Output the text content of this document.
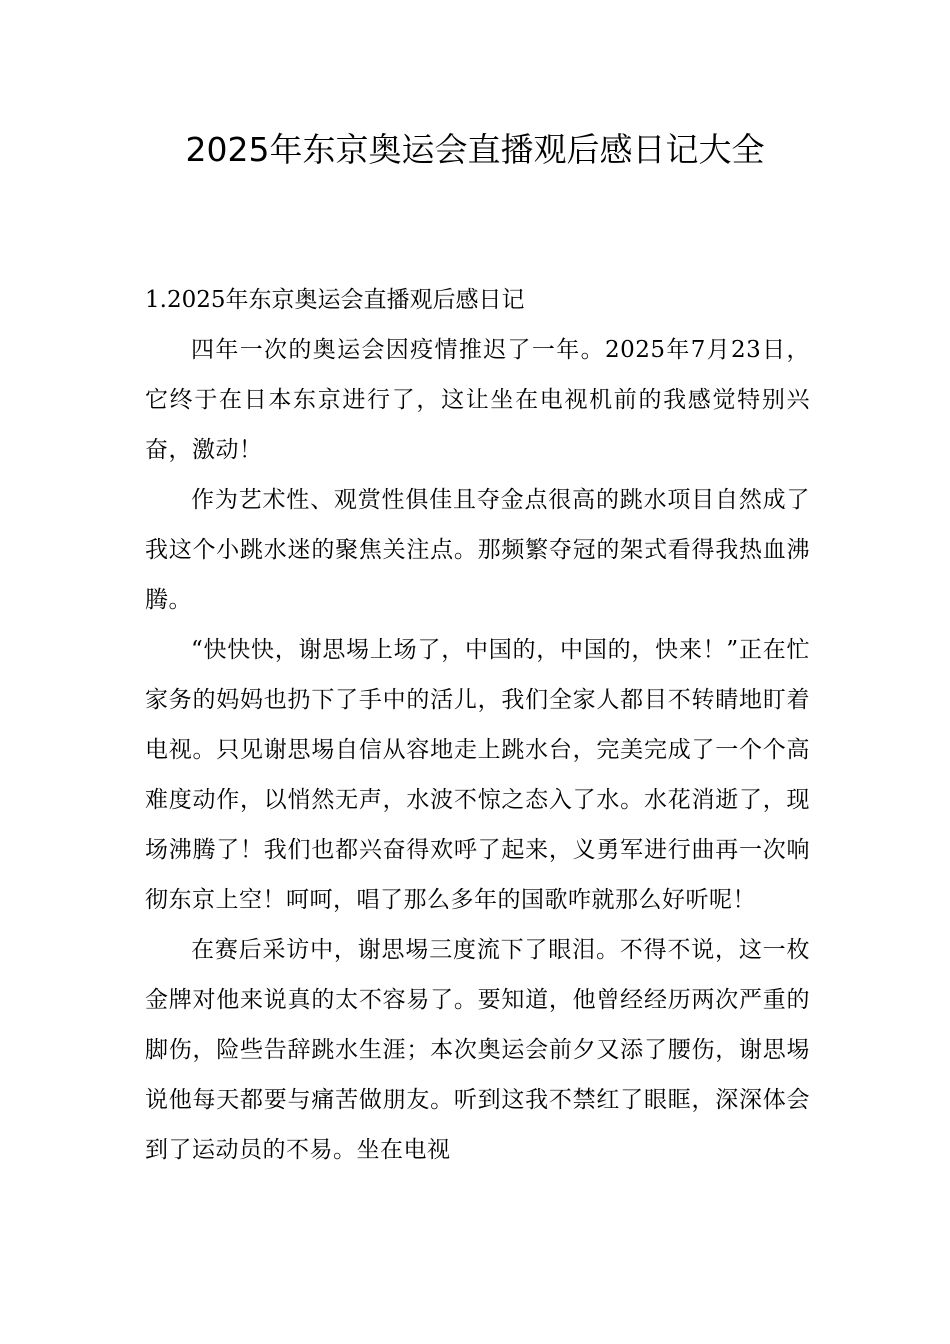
2025年东京奥运会直播观后感日记大全
1.2025年东京奥运会直播观后感日记

四年一次的奥运会因疫情推迟了一年。2025年7月23日，它终于在日本东京进行了，这让坐在电视机前的我感觉特别兴奋，激动！

作为艺术性、观赏性俱佳且夺金点很高的跳水项目自然成了我这个小跳水迷的聚焦关注点。那频繁夺冠的架式看得我热血沸腾。

“快快快，谢思埸上场了，中国的，中国的，快来！”正在忙家务的妈妈也扔下了手中的活儿，我们全家人都目不转睛地盯着电视。只见谢思埸自信从容地走上跳水台，完美完成了一个个高难度动作，以悄然无声，水波不惊之态入了水。水花消逝了，现场沸腾了！我们也都兴奋得欢呼了起来，义勇军进行曲再一次响彻东京上空！呵呵，唱了那么多年的国歌咋就那么好听呢！

在赛后采访中，谢思埸三度流下了眼泪。不得不说，这一枚金牌对他来说真的太不容易了。要知道，他曾经经历两次严重的脚伤，险些告辞跳水生涯；本次奥运会前夕又添了腰伤，谢思埸说他每天都要与痛苦做朋友。听到这我不禁红了眼眶，深深体会到了运动员的不易。坐在电视
